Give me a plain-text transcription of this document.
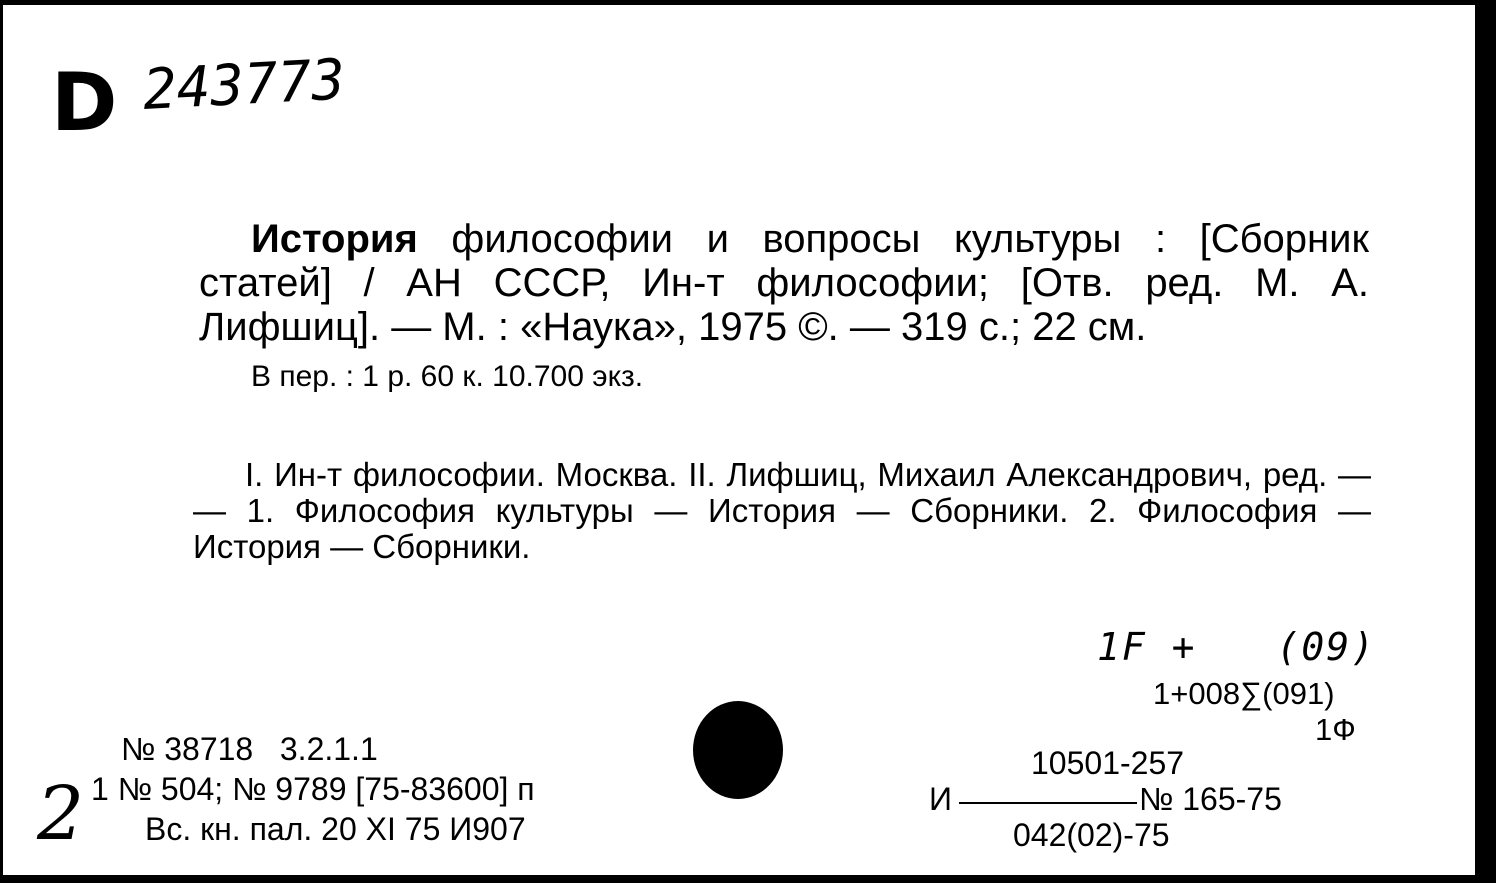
D 243773
История философии и вопросы культуры : [Сборник статей] / АН СССР, Ин-т философии; [Отв. ред. М. А. Лифшиц]. — М. : «Наука», 1975 ©. — 319 с.; 22 см.
В пер. : 1 р. 60 к. 10.700 экз.
I. Ин-т философии. Москва. II. Лифшиц, Михаил Александрович, ред. — — 1. Философия культуры — История — Сборники. 2. Философия — История — Сборники.
1F + (09)
1+008∑(091)
1Ф
№ 38718   3.2.1.1
1 № 504; № 9789 [75-83600] п
Вс. кн. пал. 20 XI 75 И907
2
10501-257
И	№ 165-75
042(02)-75
